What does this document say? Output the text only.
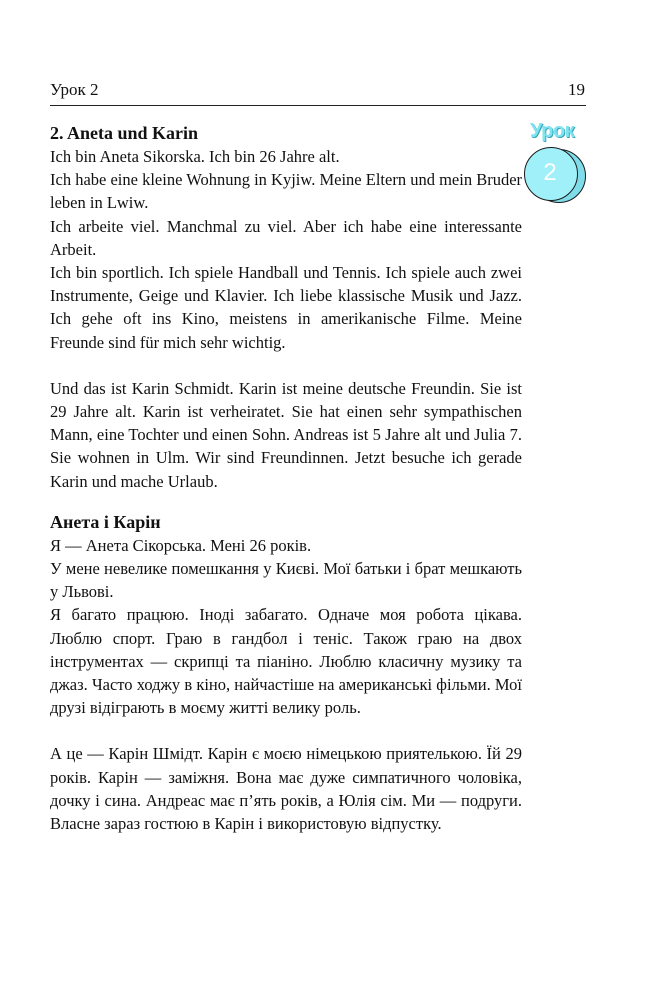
Урок 2	19
Урок
2
2. Aneta und Karin

Ich bin Aneta Sikorska. Ich bin 26 Jahre alt.

Ich habe eine kleine Wohnung in Kyjiw. Meine Eltern und mein Bruder leben in Lwiw.

Ich arbeite viel. Manchmal zu viel. Aber ich habe eine interessante Arbeit.

Ich bin sportlich. Ich spiele Handball und Tennis. Ich spiele auch zwei Instrumente, Geige und Klavier. Ich liebe klassische Musik und Jazz. Ich gehe oft ins Kino, meistens in amerikanische Filme. Meine Freunde sind für mich sehr wichtig.

Und das ist Karin Schmidt. Karin ist meine deutsche Freundin. Sie ist 29 Jahre alt. Karin ist verheiratet. Sie hat einen sehr sympathischen Mann, eine Tochter und einen Sohn. Andreas ist 5 Jahre alt und Julia 7. Sie wohnen in Ulm. Wir sind Freundinnen. Jetzt besuche ich gerade Karin und mache Urlaub.

Анета і Карін

Я — Анета Сікорська. Мені 26 років.

У мене невелике помешкання у Києві. Мої батьки і брат мешкають у Львові.

Я багато працюю. Іноді забагато. Одначе моя робота цікава. Люблю спорт. Граю в гандбол і теніс. Також граю на двох інструментах — скрипці та піаніно. Люблю класичну музику та джаз. Часто ходжу в кіно, найчастіше на американські фільми. Мої друзі відіграють в моєму житті велику роль.

А це — Карін Шмідт. Карін є моєю німецькою приятелькою. Їй 29 років. Карін — заміжня. Вона має дуже симпатичного чоловіка, дочку і сина. Андреас має п’ять років, а Юлія сім. Ми — подруги. Власне зараз гостюю в Карін і використовую відпустку.
